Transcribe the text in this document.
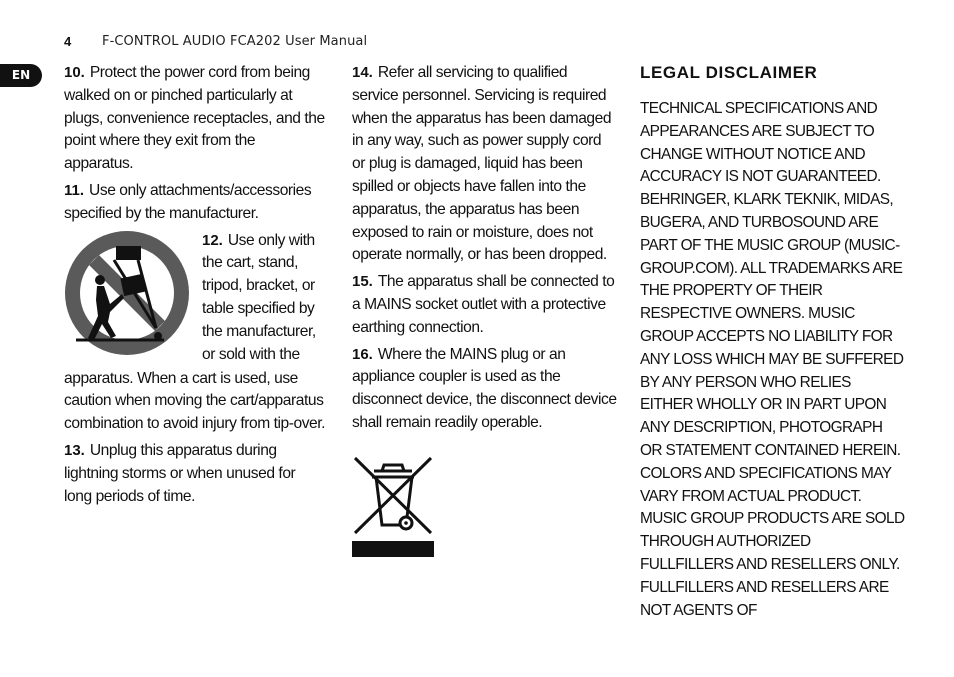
4 F-CONTROL AUDIO FCA202 User Manual
EN	10. Protect the power cord from being walked on or pinched particularly at plugs, convenience receptacles, and the point where they exit from the apparatus.

11. Use only attachments/accessories specified by the manufacturer.

12. Use only with the cart, stand, tripod, bracket, or table specified by the manufacturer, or sold with the

apparatus. When a cart is used, use caution when moving the cart/apparatus combination to avoid injury from tip-over.

13. Unplug this apparatus during lightning storms or when unused for long periods of time.

14. Refer all servicing to qualified service personnel. Servicing is required when the apparatus has been damaged in any way, such as power supply cord or plug is damaged, liquid has been spilled or objects have fallen into the apparatus, the apparatus has been exposed to rain or moisture, does not operate normally, or has been dropped.

15. The apparatus shall be connected to a MAINS socket outlet with a protective earthing connection.

16. Where the MAINS plug or an appliance coupler is used as the disconnect device, the disconnect device shall remain readily operable.

LEGAL DISCLAIMER
TECHNICAL SPECIFICATIONS AND APPEARANCES ARE SUBJECT TO CHANGE WITHOUT NOTICE AND ACCURACY IS NOT GUARANTEED. BEHRINGER, KLARK TEKNIK, MIDAS, BUGERA, AND TURBOSOUND ARE PART OF THE MUSIC GROUP (MUSIC-GROUP.COM). ALL TRADEMARKS ARE THE PROPERTY OF THEIR RESPECTIVE OWNERS. MUSIC GROUP ACCEPTS NO LIABILITY FOR ANY LOSS WHICH MAY BE SUFFERED BY ANY PERSON WHO RELIES EITHER WHOLLY OR IN PART UPON ANY DESCRIPTION, PHOTOGRAPH OR STATEMENT CONTAINED HEREIN. COLORS AND SPECIFICATIONS MAY VARY FROM ACTUAL PRODUCT. MUSIC GROUP PRODUCTS ARE SOLD THROUGH AUTHORIZED FULLFILLERS AND RESELLERS ONLY. FULLFILLERS AND RESELLERS ARE NOT AGENTS OF
